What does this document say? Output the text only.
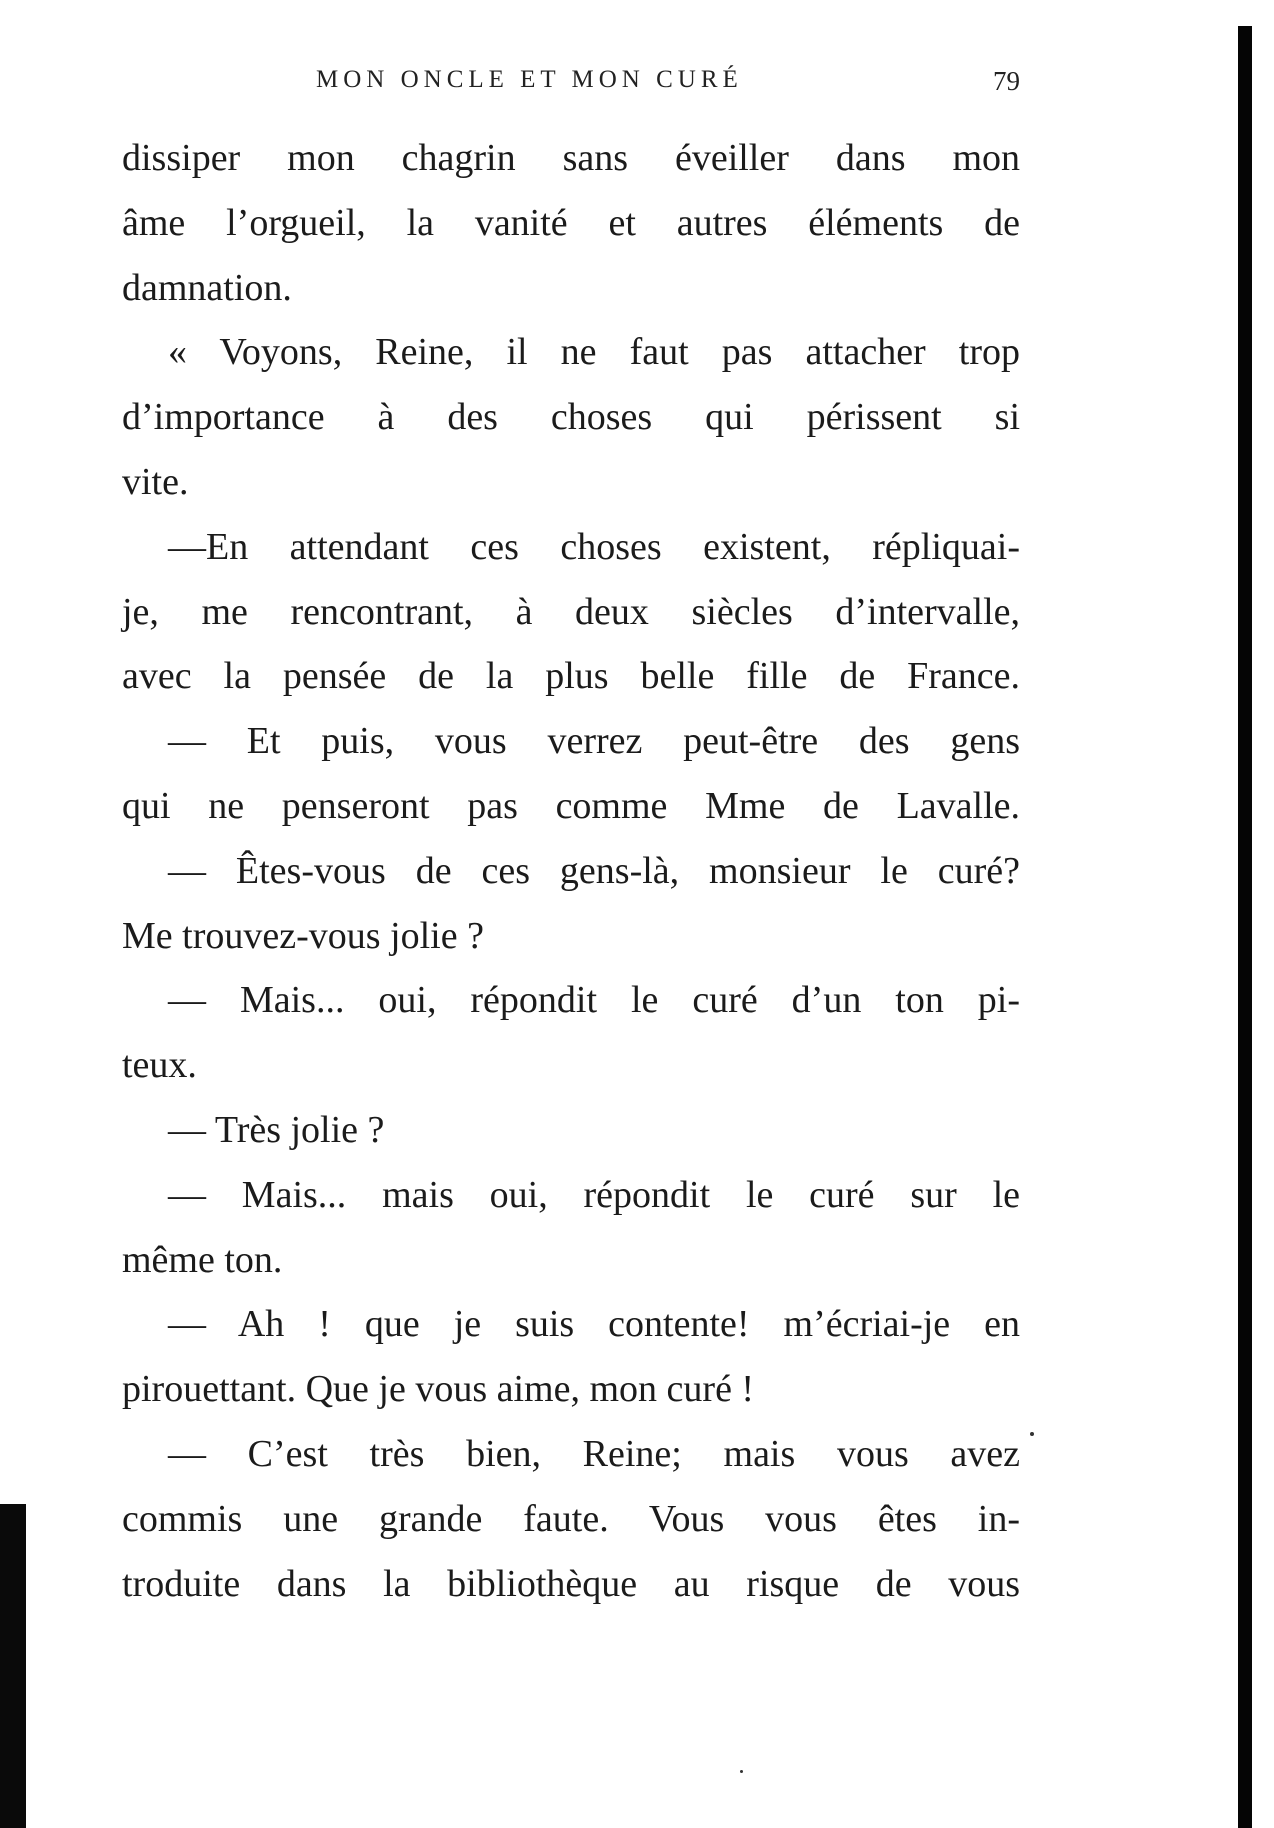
MON ONCLE ET MON CURÉ	79
dissiper mon chagrin sans éveiller dans mon
âme l’orgueil, la vanité et autres éléments de
damnation.
« Voyons, Reine, il ne faut pas attacher trop
d’importance à des choses qui périssent si
vite.
—En attendant ces choses existent, répliquai-
je, me rencontrant, à deux siècles d’intervalle,
avec la pensée de la plus belle fille de France.
— Et puis, vous verrez peut-être des gens
qui ne penseront pas comme Mme de Lavalle.
— Êtes-vous de ces gens-là, monsieur le curé?
Me trouvez-vous jolie ?
— Mais... oui, répondit le curé d’un ton pi-
teux.
— Très jolie ?
— Mais... mais oui, répondit le curé sur le
même ton.
— Ah ! que je suis contente! m’écriai-je en
pirouettant. Que je vous aime, mon curé !
— C’est très bien, Reine; mais vous avez
commis une grande faute. Vous vous êtes in-
troduite dans la bibliothèque au risque de vous
